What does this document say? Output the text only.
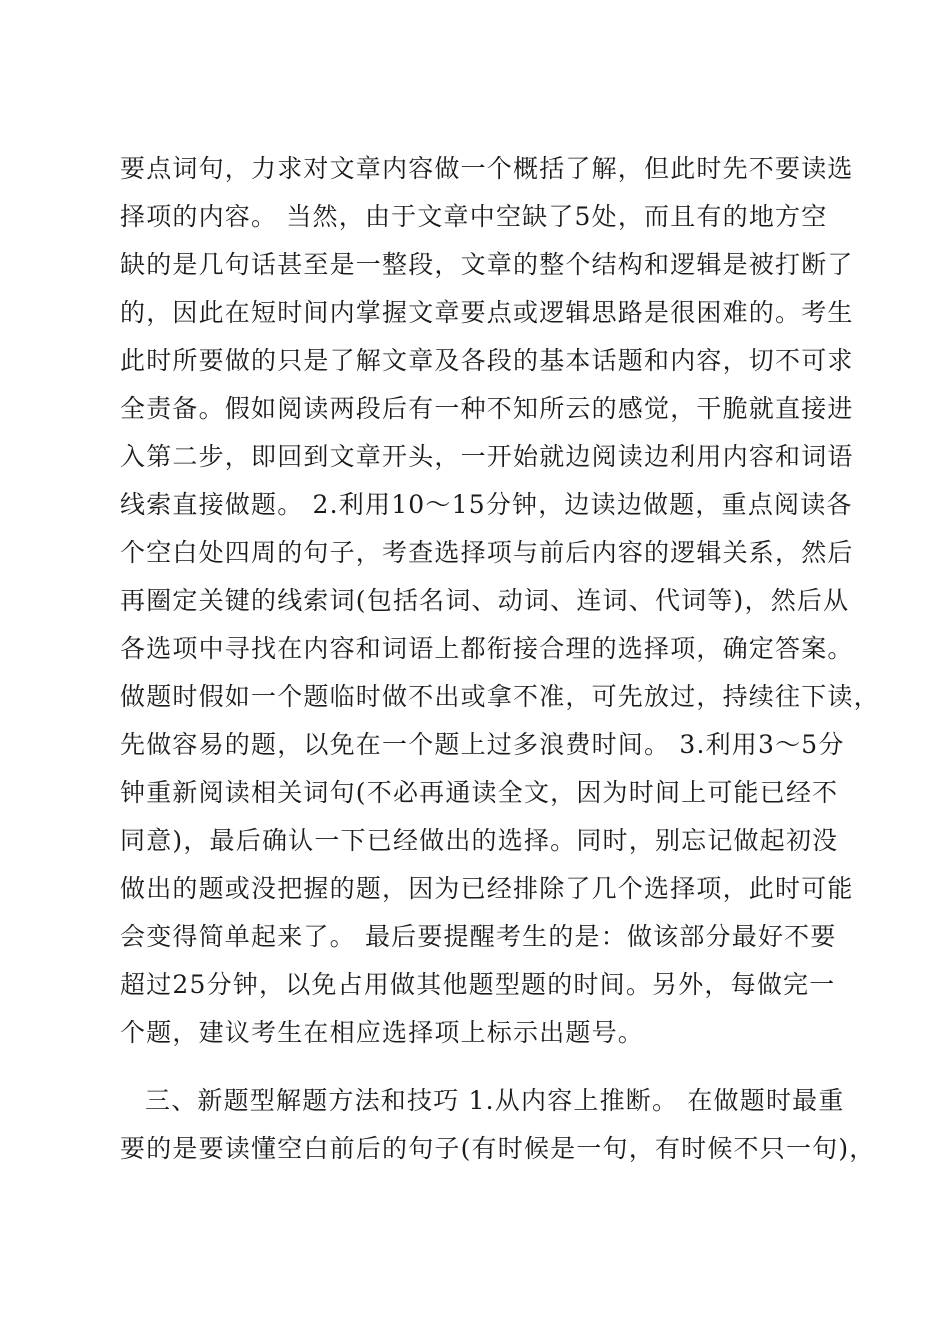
要点词句，力求对文章内容做一个概括了解，但此时先不要读选
择项的内容。 当然，由于文章中空缺了5处，而且有的地方空
缺的是几句话甚至是一整段，文章的整个结构和逻辑是被打断了
的，因此在短时间内掌握文章要点或逻辑思路是很困难的。考生
此时所要做的只是了解文章及各段的基本话题和内容，切不可求
全责备。假如阅读两段后有一种不知所云的感觉，干脆就直接进
入第二步，即回到文章开头，一开始就边阅读边利用内容和词语
线索直接做题。 2.利用10～15分钟，边读边做题，重点阅读各
个空白处四周的句子，考查选择项与前后内容的逻辑关系，然后
再圈定关键的线索词(包括名词、动词、连词、代词等)，然后从
各选项中寻找在内容和词语上都衔接合理的选择项，确定答案。
做题时假如一个题临时做不出或拿不准，可先放过，持续往下读，
先做容易的题，以免在一个题上过多浪费时间。 3.利用3～5分
钟重新阅读相关词句(不必再通读全文，因为时间上可能已经不
同意)，最后确认一下已经做出的选择。同时，别忘记做起初没
做出的题或没把握的题，因为已经排除了几个选择项，此时可能
会变得简单起来了。 最后要提醒考生的是：做该部分最好不要
超过25分钟，以免占用做其他题型题的时间。另外，每做完一
个题，建议考生在相应选择项上标示出题号。
三、新题型解题方法和技巧 1.从内容上推断。 在做题时最重
要的是要读懂空白前后的句子(有时候是一句，有时候不只一句)，
